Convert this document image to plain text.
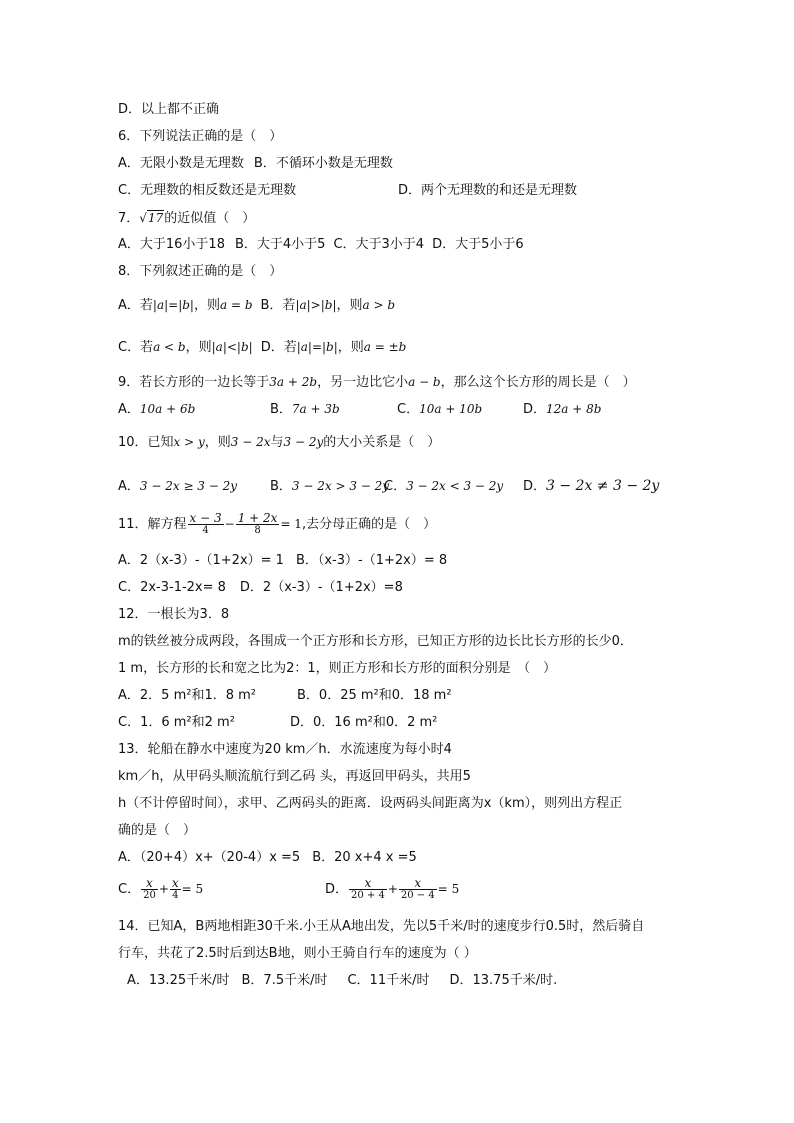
D．以上都不正确
6．下列说法正确的是（　）
A．无限小数是无理数 B．不循环小数是无理数
C．无理数的相反数还是无理数	D．两个无理数的和还是无理数
7．√17的近似值（　）
A．大于16小于18 B．大于4小于5 C．大于3小于4 D．大于5小于6
8．下列叙述正确的是（　）
A．若|a|=|b|，则a = b B．若|a|>|b|，则a > b
C．若a < b，则|a|<|b| D．若|a|=|b|，则a = ±b
9．若长方形的一边长等于3a + 2b，另一边比它小a − b，那么这个长方形的周长是（　）
A．10a + 6b	B．7a + 3b	C．10a + 10b	D．12a + 8b
10．已知x > y，则3 − 2x与3 − 2y的大小关系是（　）
A．3 − 2x ≥ 3 − 2y	B．3 − 2x > 3 − 2y
C．3 − 2x < 3 − 2y D．3 − 2x ≠ 3 − 2y
11．解方程 $\frac{x - 3}{4} - \frac{1 + 2x}{8} = 1$,去分母正确的是（　）
A．2（x-3）-（1+2x）= 1 B．（x-3）-（1+2x）= 8
C．2x-3-1-2x= 8 D．2（x-3）-（1+2x）=8
12．一根长为3．8
m的铁丝被分成两段，各围成一个正方形和长方形，已知正方形的边长比长方形的长少0．
1 m，长方形的长和宽之比为2：1，则正方形和长方形的面积分别是　（　）
A．2．5 m²和1．8 m²	B．0．25 m²和0．18 m²
C．1．6 m²和2 m²	D．0．16 m²和0．2 m²
13．轮船在静水中速度为20 km／h．水流速度为每小时4
km／h，从甲码头顺流航行到乙码 头，再返回甲码头，共用5
h（不计停留时间），求甲、乙两码头的距离．设两码头间距离为x（km），则列出方程正
确的是（　）
A．（20+4）x+（20-4）x =5 B．20 x+4 x =5
C． $\frac{x}{20} + \frac{x}{4} = 5$	D． $\frac{x}{20 + 4} + \frac{x}{20 - 4} = 5$
14．已知A，B两地相距30千米.小王从A地出发，先以5千米/时的速度步行0.5时，然后骑自
行车，共花了2.5时后到达B地，则小王骑自行车的速度为（ ）
A．13.25千米/时 B．7.5千米/时 C．11千米/时 D．13.75千米/时.
